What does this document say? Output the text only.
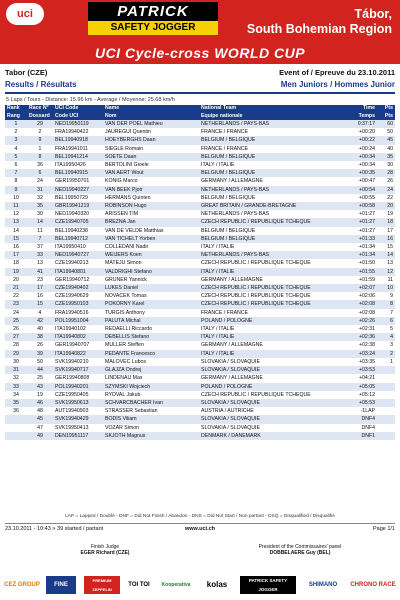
uci	PATRICK
SAFETY JOGGER
Tábor,
South Bohemian Region
UCI Cycle-cross WORLD CUP
Tabor (CZE)	Event of / Epreuve du 23.10.2011
Results / Résultats	Men Juniors / Hommes Junior
5 Laps / Tours - Distance: 15.96 km - Average / Moyenne: 25.68 km/h
Rank	Race N°	UCI Code	Name	National Team	Time	Pts
Rang	Dossard	Code UCI	Nom	Equipe nationale	Temps	Pts
1	29	NED19950119	VAN DER POEL Mathieu	NETHERLANDS / PAYS-BAS	0:37:17	60
2	2	FRA19940422	JAUREGUI Quentin	FRANCE / FRANCE	+00:20	50
3	9	BEL19940918	HOEYBERGHS Daan	BELGIUM / BELGIQUE	+00:22	45
4	1	FRA19941011	SIEGLE Romain	FRANCE / FRANCE	+00:24	40
5	8	BEL19941214	SOETE Daan	BELGIUM / BELGIQUE	+00:34	35
6	36	ITA19950426	BERTOLINI Gioele	ITALY / ITALIE	+00:34	30
7	6	BEL19940915	VAN AERT Wout	BELGIUM / BELGIQUE	+00:35	28
8	24	GER19950701	KONIG Marco	GERMANY / ALLEMAGNE	+00:47	26
9	31	NED19940227	VAN BEEK Pjotr	NETHERLANDS / PAYS-BAS	+00:54	24
10	32	BEL19950729	HERMANS Quinten	BELGIUM / BELGIQUE	+00:55	22
11	35	GBR19941219	ROBINSON Hugo	GREAT BRITAIN / GRANDE-BRETAGNE	+00:58	20
12	30	NED19940320	ARISSEN TIM	NETHERLANDS / PAYS-BAS	+01:27	19
13	14	CZE19940705	BREZNA Jan	CZECH REPUBLIC / REPUBLIQUE TCHEQUE	+01:27	18
14	11	BEL19940238	VAN DE VELDE Matthias	BELGIUM / BELGIQUE	+01:27	17
15	7	BEL19940712	VAN TICHELT Yorben	BELGIUM / BELGIQUE	+01:33	16
16	37	ITA19950410	COLLEDANI Nadir	ITALY / ITALIE	+01:34	15
17	33	NED19940727	WEIJERS Koen	NETHERLANDS / PAYS-BAS	+01:34	14
18	13	CZE19940213	MATEJU Simon	CZECH REPUBLIC / REPUBLIQUE TCHEQUE	+01:50	13
19	41	ITA19940801	VALDRIGHI Stefano	ITALY / ITALIE	+01:55	12
20	23	GER19940712	GRUNER Yannick	GERMANY / ALLEMAGNE	+01:59	11
21	17	CZE19940402	LUKES Daniel	CZECH REPUBLIC / REPUBLIQUE TCHEQUE	+02:07	10
22	16	CZE19940629	NOVACEK Tomas	CZECH REPUBLIC / REPUBLIQUE TCHEQUE	+02:06	9
23	15	CZE19950103	POKORNY Karel	CZECH REPUBLIC / REPUBLIQUE TCHEQUE	+02:08	8
24	4	FRA19940516	TURGIS Anthony	FRANCE / FRANCE	+02:08	7
25	42	POL19951004	PALUTA Michal	POLAND / POLOGNE	+02:26	6
26	40	ITA19940102	REDAELLI Riccardo	ITALY / ITALIE	+02:31	5
27	38	ITA19940802	DEBELLIS Stefano	ITALY / ITALIE	+02:36	4
28	26	GER19940707	MULLER Steffen	GERMANY / ALLEMAGNE	+02:38	3
29	39	ITA19940822	PEDANTE Francesco	ITALY / ITALIE	+03:24	2
30	50	SVK19940210	MALOVEC Lubos	SLOVAKIA / SLOVAQUIE	+03:35	1
31	44	SVK19940717	GLAJZA Ondrej	SLOVAKIA / SLOVAQUIE	+03:53	
32	25	GER19940808	LINDENAU Max	GERMANY / ALLEMAGNE	+04:21	
33	43	POL19940201	SZYMSKI Wojciech	POLAND / POLOGNE	+05:05	
34	19	CZE19950405	RYDVAL Jakub	CZECH REPUBLIC / REPUBLIQUE TCHEQUE	+05:12	
35	46	SVK19950613	SCHVARCBACHER Ivan	SLOVAKIA / SLOVAQUIE	+05:53	
36	48	AUT19940903	STRASSER Sebastian	AUSTRIA / AUTRICHE	-1LAP	
	45	SVK19940429	BODIS Viliam	SLOVAKIA / SLOVAQUIE	DNF4	
	47	SVK19950413	VOZAR Simon	SLOVAKIA / SLOVAQUIE	DNF4	
	49	DEN19951117	SKJOTH Magnus	DENMARK / DANEMARK	DNF1	
LAP = Lapped / Doublé - DNF = Did Not Finish / Abandon - DNS = Did Not Start / Non partant - DSQ = Disqualified / Disqualifié
23.10.2011 - 10:43 > 39 started / partant	www.uci.ch	Page 1/1
Finish Judge
EGER Richard (CZE)
President of the Commissaires' panel
DOBBELAERE Guy (BEL)
CEZ GROUP	FINE
PREMIUM ZEPPELIN
TOI TOI	Kooperativa	kolas	PATRICK SAFETY JOGGER
SHIMANO	CHRONO RACE
